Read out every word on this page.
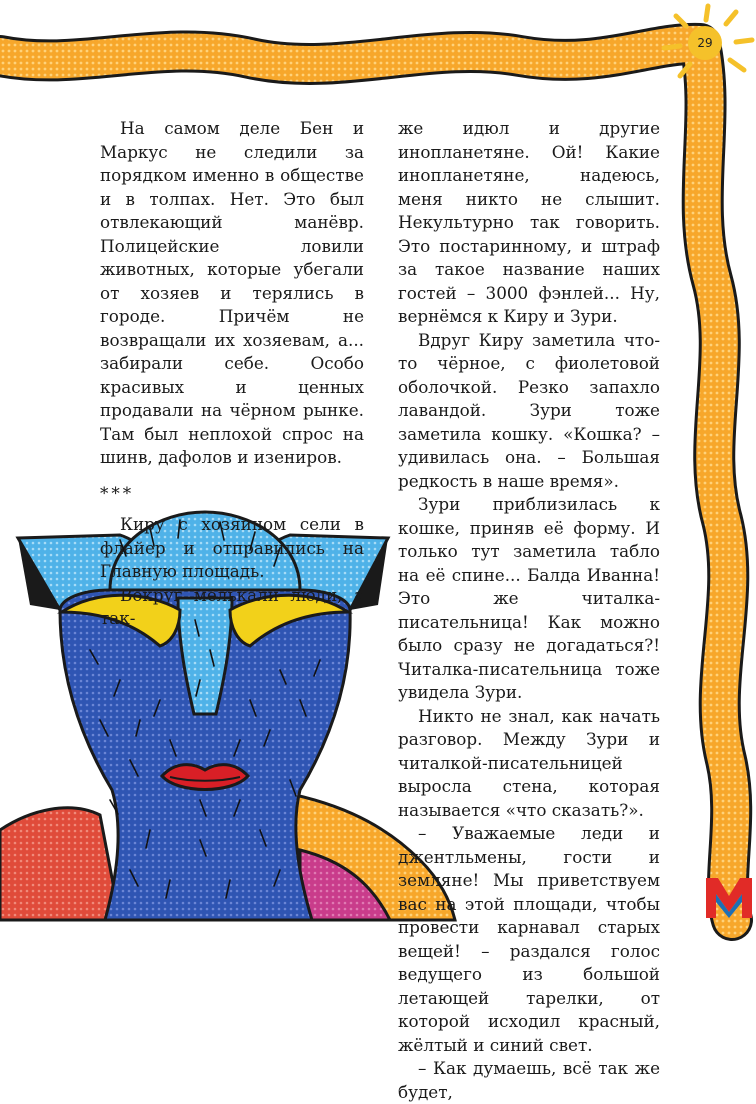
29

На самом деле Бен и Маркус не следили за порядком именно в обществе и в толпах. Нет. Это был отвлекающий манёвр. Полицейские ловили животных, которые убегали от хозяев и терялись в городе. Причём не возвращали их хозяевам, а... забирали себе. Особо красивых и ценных продавали на чёрном рынке. Там был неплохой спрос на шинв, дафолов и изениров.

***

Киру с хозяином сели в флайер и отправились на Главную площадь.

Вокруг мелькали люди, а так-

же идюл и другие инопланетяне. Ой! Какие инопланетяне, надеюсь, меня никто не слышит. Некультурно так говорить. Это постаринному, и штраф за такое название наших гостей – 3000 фэнлей... Ну, вернёмся к Киру и Зури.

Вдруг Киру заметила что-то чёрное, с фиолетовой оболочкой. Резко запахло лавандой. Зури тоже заметила кошку. «Кошка? – удивилась она. – Большая редкость в наше время».

Зури приблизилась к кошке, приняв её форму. И только тут заметила табло на её спине... Балда Иванна! Это же читалка-писательница! Как можно было сразу не догадаться?! Читалка-писательница тоже увидела Зури.

Никто не знал, как начать разговор. Между Зури и читалкой-писательницей выросла стена, которая называется «что сказать?».

– Уважаемые леди и джентльмены, гости и земляне! Мы приветствуем вас на этой площади, чтобы провести карнавал старых вещей! – раздался голос ведущего из большой летающей тарелки, от которой исходил красный, жёлтый и синий свет.

– Как думаешь, всё так же будет,
